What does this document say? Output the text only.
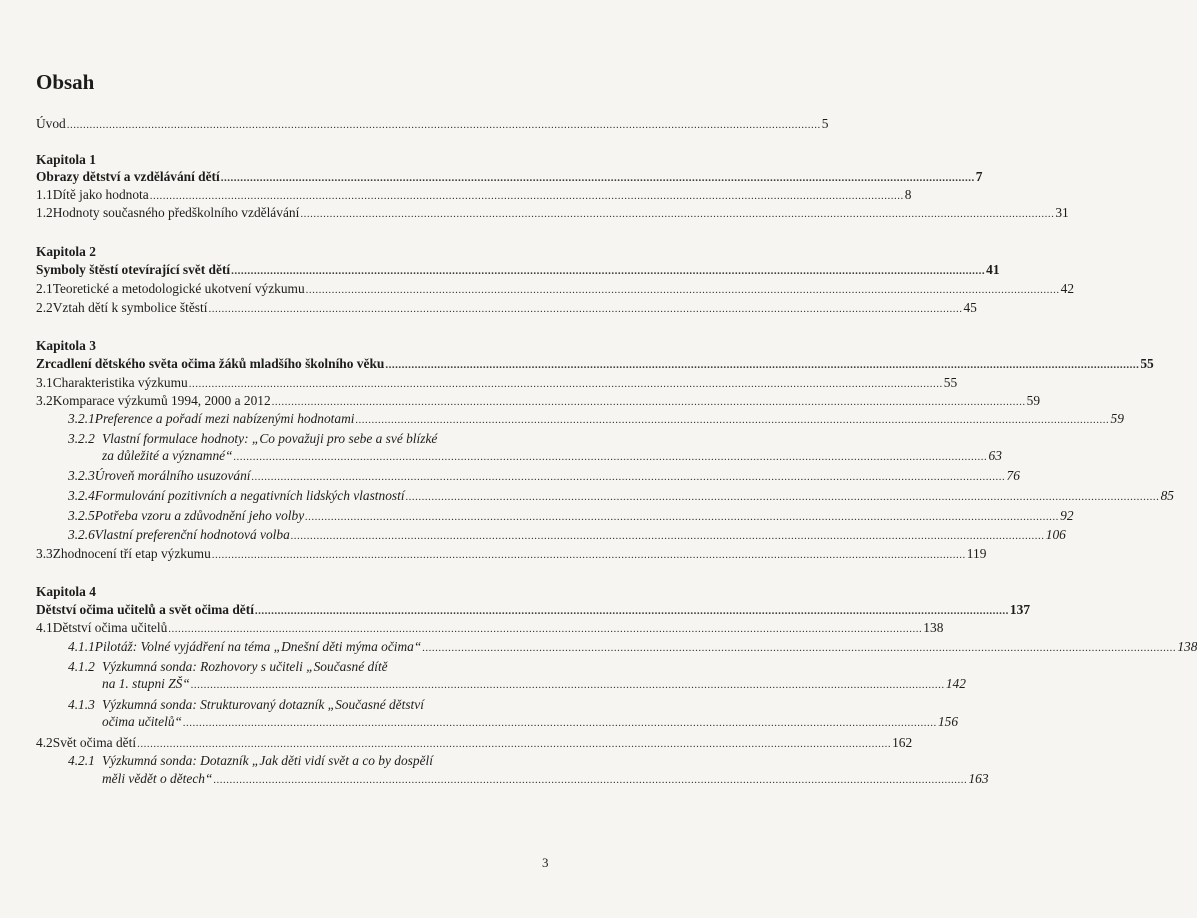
Obsah
Úvod .....	5
Kapitola 1
Obrazy dětství a vzdělávání dětí .....	7
1.1 Dítě jako hodnota .....	8
1.2 Hodnoty současného předškolního vzdělávání .....	31
Kapitola 2
Symboly štěstí otevírající svět dětí .....	41
2.1 Teoretické a metodologické ukotvení výzkumu .....	42
2.2 Vztah dětí k symbolice štěstí .....	45
Kapitola 3
Zrcadlení dětského světa očima žáků mladšího školního věku .....	55
3.1 Charakteristika výzkumu .....	55
3.2 Komparace výzkumů 1994, 2000 a 2012 .....	59
3.2.1 Preference a pořadí mezi nabízenými hodnotami .....	59
3.2.2 Vlastní formulace hodnoty: „Co považuji pro sebe a své blízké
za důležité a významné“ .....	63
3.2.3 Úroveň morálního usuzování .....	76
3.2.4 Formulování pozitivních a negativních lidských vlastností .....	85
3.2.5 Potřeba vzoru a zdůvodnění jeho volby .....	92
3.2.6 Vlastní preferenční hodnotová volba .....	106
3.3 Zhodnocení tří etap výzkumu .....	119
Kapitola 4
Dětství očima učitelů a svět očima dětí .....	137
4.1 Dětství očima učitelů .....	138
4.1.1 Pilotáž: Volné vyjádření na téma „Dnešní děti mýma očima“ .....	138
4.1.2 Výzkumná sonda: Rozhovory s učiteli „Současné dítě
na 1. stupni ZŠ“ .....	142
4.1.3 Výzkumná sonda: Strukturovaný dotazník „Současné dětství
očima učitelů“ .....	156
4.2 Svět očima dětí .....	162
4.2.1 Výzkumná sonda: Dotazník „Jak děti vidí svět a co by dospělí
měli vědět o dětech“ .....	163
3
